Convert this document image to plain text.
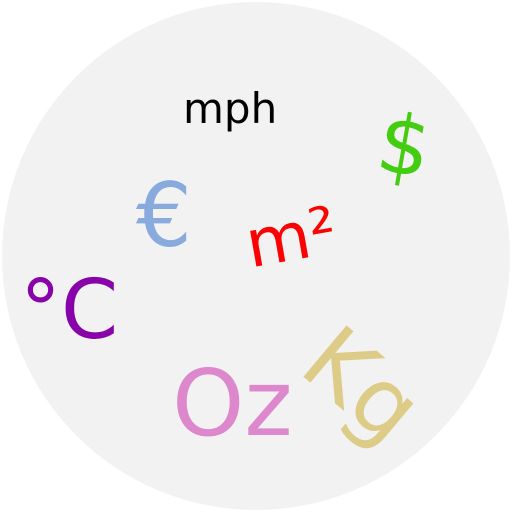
mph $
€ m²
°C
Oz
Kg
